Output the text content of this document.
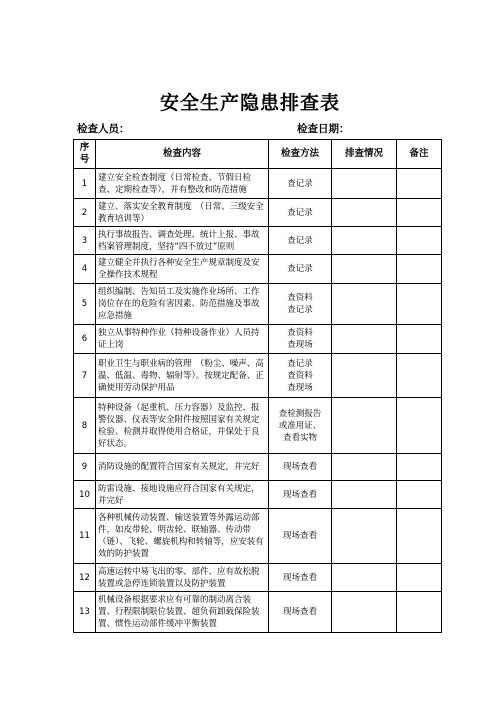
安全生产隐患排查表
检查人员：	检查日期：
序号	检查内容	检查方法	排查情况	备注
1	建立安全检查制度（日常检查、节假日检查、定期检查等），并有整改和防范措施	查记录		
2	建立、落实安全教育制度　（日常、三级安全教育培训等）	查记录		
3	执行事故报告、调查处理、统计上报、事故档案管理制度，坚持“四不放过”原则	查记录		
4	建立健全并执行各种安全生产规章制度及安全操作技术规程	查记录		
5	组织编制、告知员工及实施作业场所、工作岗位存在的危险有害因素、防范措施及事故应急措施	查资料
查记录		
6	独立从事特种作业（特种设备作业）人员持证上岗	查资料
查现场		
7	职业卫生与职业病的管理　（粉尘、噪声、高温、低温、毒物、辐射等）。按规定配备、正确使用劳动保护用品	查记录
查资料
查现场		
8	特种设备（起重机、压力容器）及监控、报警仪器、仪表等安全附件按照国家有关规定检验、检测并取得使用合格证，并保处于良好状态。	查检测报告
或准用证、
查看实物		
9	消防设施的配置符合国家有关规定，并完好	现场查看		
10	防雷设施、接地设施应符合国家有关规定，并完好	现场查看		
11	各种机械传动装置、输送装置等外露运动部件，如皮带轮、明齿轮、联轴器、传动带（链）、飞轮、螺旋机构和转轴等，应安装有效的防护装置	现场查看		
12	高速运转中易飞出的零、部件、应有故松脱装置或急停连锁装置以及防护装置	现场查看		
13	机械设备根据要求应有可靠的制动离合装置、行程限制限位装置、超负荷卸载保险装置、惯性运动部件缓冲平衡装置	现场查看		
